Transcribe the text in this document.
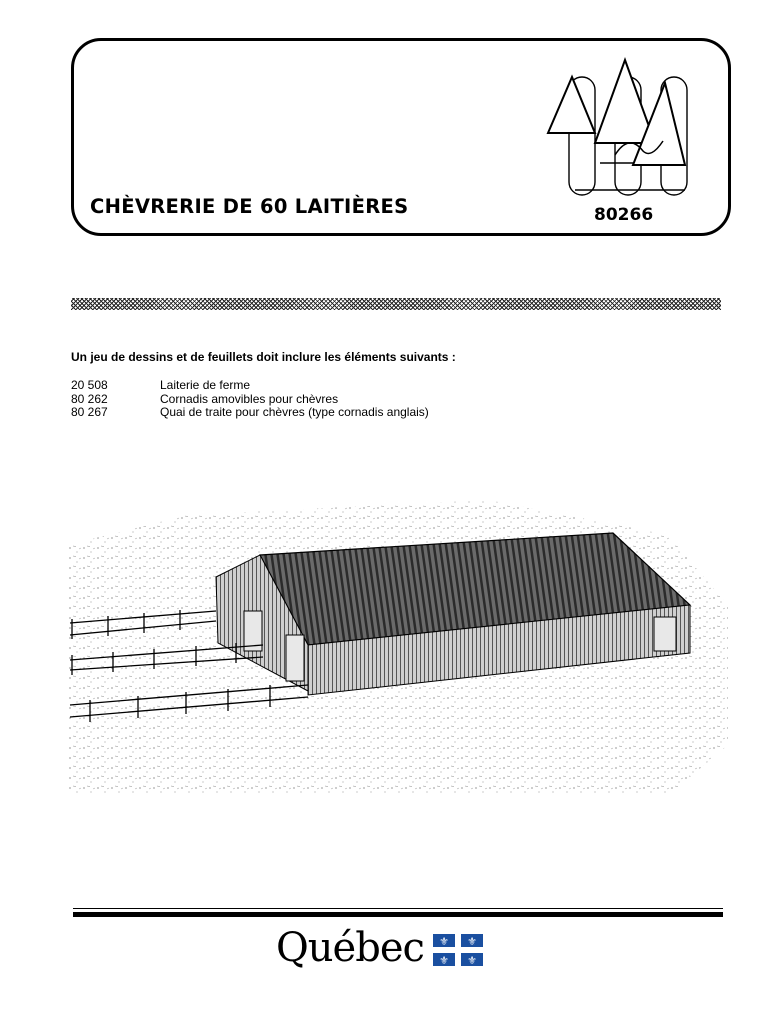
CHÈVRERIE DE 60 LAITIÈRES	80266
Un jeu de dessins et de feuillets doit inclure les éléments suivants :
20 508	Laiterie de ferme
80 262	Cornadis amovibles pour chèvres
80 267	Quai de traite pour chèvres (type cornadis anglais)
Québec ⚜ ⚜
⚜ ⚜
